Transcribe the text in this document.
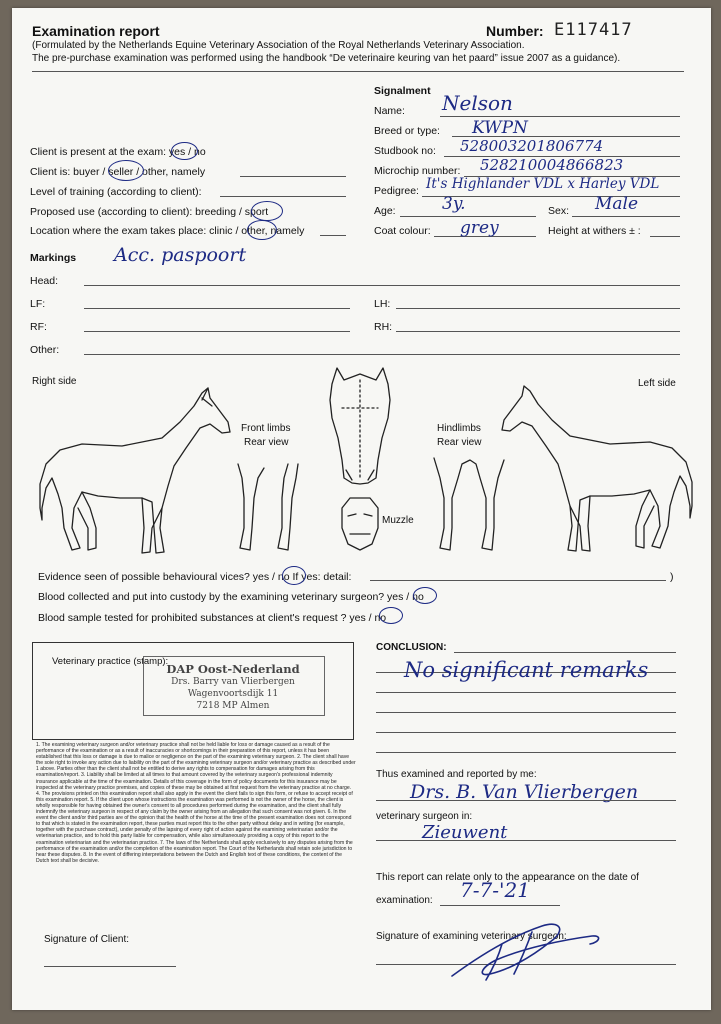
Examination report	Number: E117417
(Formulated by the Netherlands Equine Veterinary Association of the Royal Netherlands Veterinary Association.
The pre-purchase examination was performed using the handbook “De veterinaire keuring van het paard” issue 2007 as a guidance).
Signalment
Name: Nelson
Breed or type: KWPN
Studbook no: 528003201806774
Microchip number: 528210004866823
Pedigree: It's Highlander VDL x Harley VDL
Age:	3y.	Sex: Male
Coat colour: grey	Height at withers ± :
Client is present at the exam: yes / no
Client is: buyer / seller / other, namely
Level of training (according to client):
Proposed use (according to client): breeding / sport
Location where the exam takes place: clinic / other, namely
Markings Acc. paspoort
Head:
LF:	LH:
RF:	RH:
Other:
Right side	Left side
Front limbs
Rear view
Hindlimbs
Rear view
Muzzle
Evidence seen of possible behavioural vices? yes / no If yes: detail:	)
Blood collected and put into custody by the examining veterinary surgeon? yes / no
Blood sample tested for prohibited substances at client's request ? yes / no
Veterinary practice (stamp):
DAP Oost-Nederland
Drs. Barry van Vlierbergen
Wagenvoortsdijk 11
7218 MP Almen
1. The examining veterinary surgeon and/or veterinary practice shall not be held liable for loss or damage caused as a result of the performance of the examination or as a result of inaccuracies or shortcomings in their preparation of this report, unless it has been established that this loss or damage is due to malice or negligence on the part of the examining veterinary surgeon. 2. The client shall have the sole right to invoke any action due to liability on the part of the examining veterinary surgeon and/or veterinary practice as described under 1 above. Parties other than the client shall not be entitled to derive any rights to compensation for damages arising from this examination/report. 3. Liability shall be limited at all times to that amount covered by the veterinary surgeon's professional indemnity insurance applicable at the time of the examination. Details of this coverage in the form of policy documents for this insurance may be inspected at the veterinary practice premises, and copies of these may be obtained at first request from the veterinary practice at no charge. 4. The provisions printed on this examination report shall also apply in the event the client fails to sign this form, or refuse to accept receipt of this examination report. 5. If the client upon whose instructions the examination was performed is not the owner of the horse, the client is wholly responsible for having obtained the owner's consent to all procedures performed during the examination, and the client shall fully indemnify the veterinary surgeon in respect of any claim by the owner arising from an allegation that such consent was not given. 6. In the event the client and/or third parties are of the opinion that the health of the horse at the time of the present examination does not correspond to that which is stated in the examination report, these parties must report this to the other party without delay and in writing (for example, together with the purchase contract), under penalty of the lapsing of every right of action against the examining veterinarian and/or the veterinarian practice, and to hold this party liable for compensation, while also simultaneously providing a copy of this report to the examination veterinarian and the veterinarian practice. 7. The laws of the Netherlands shall apply exclusively to any disputes arising from the performance of the examination and/or the completion of the examination report. The Court of the Netherlands shall retain sole jurisdiction to hear these disputes. 8. In the event of differing interpretations between the Dutch and English text of these conditions, the content of the Dutch text shall be decisive.
Signature of Client:
CONCLUSION:
No significant remarks
Thus examined and reported by me:
Drs. B. Van Vlierbergen
veterinary surgeon in:
Zieuwent
This report can relate only to the appearance on the date of
examination: 7-7-'21
Signature of examining veterinary surgeon:
